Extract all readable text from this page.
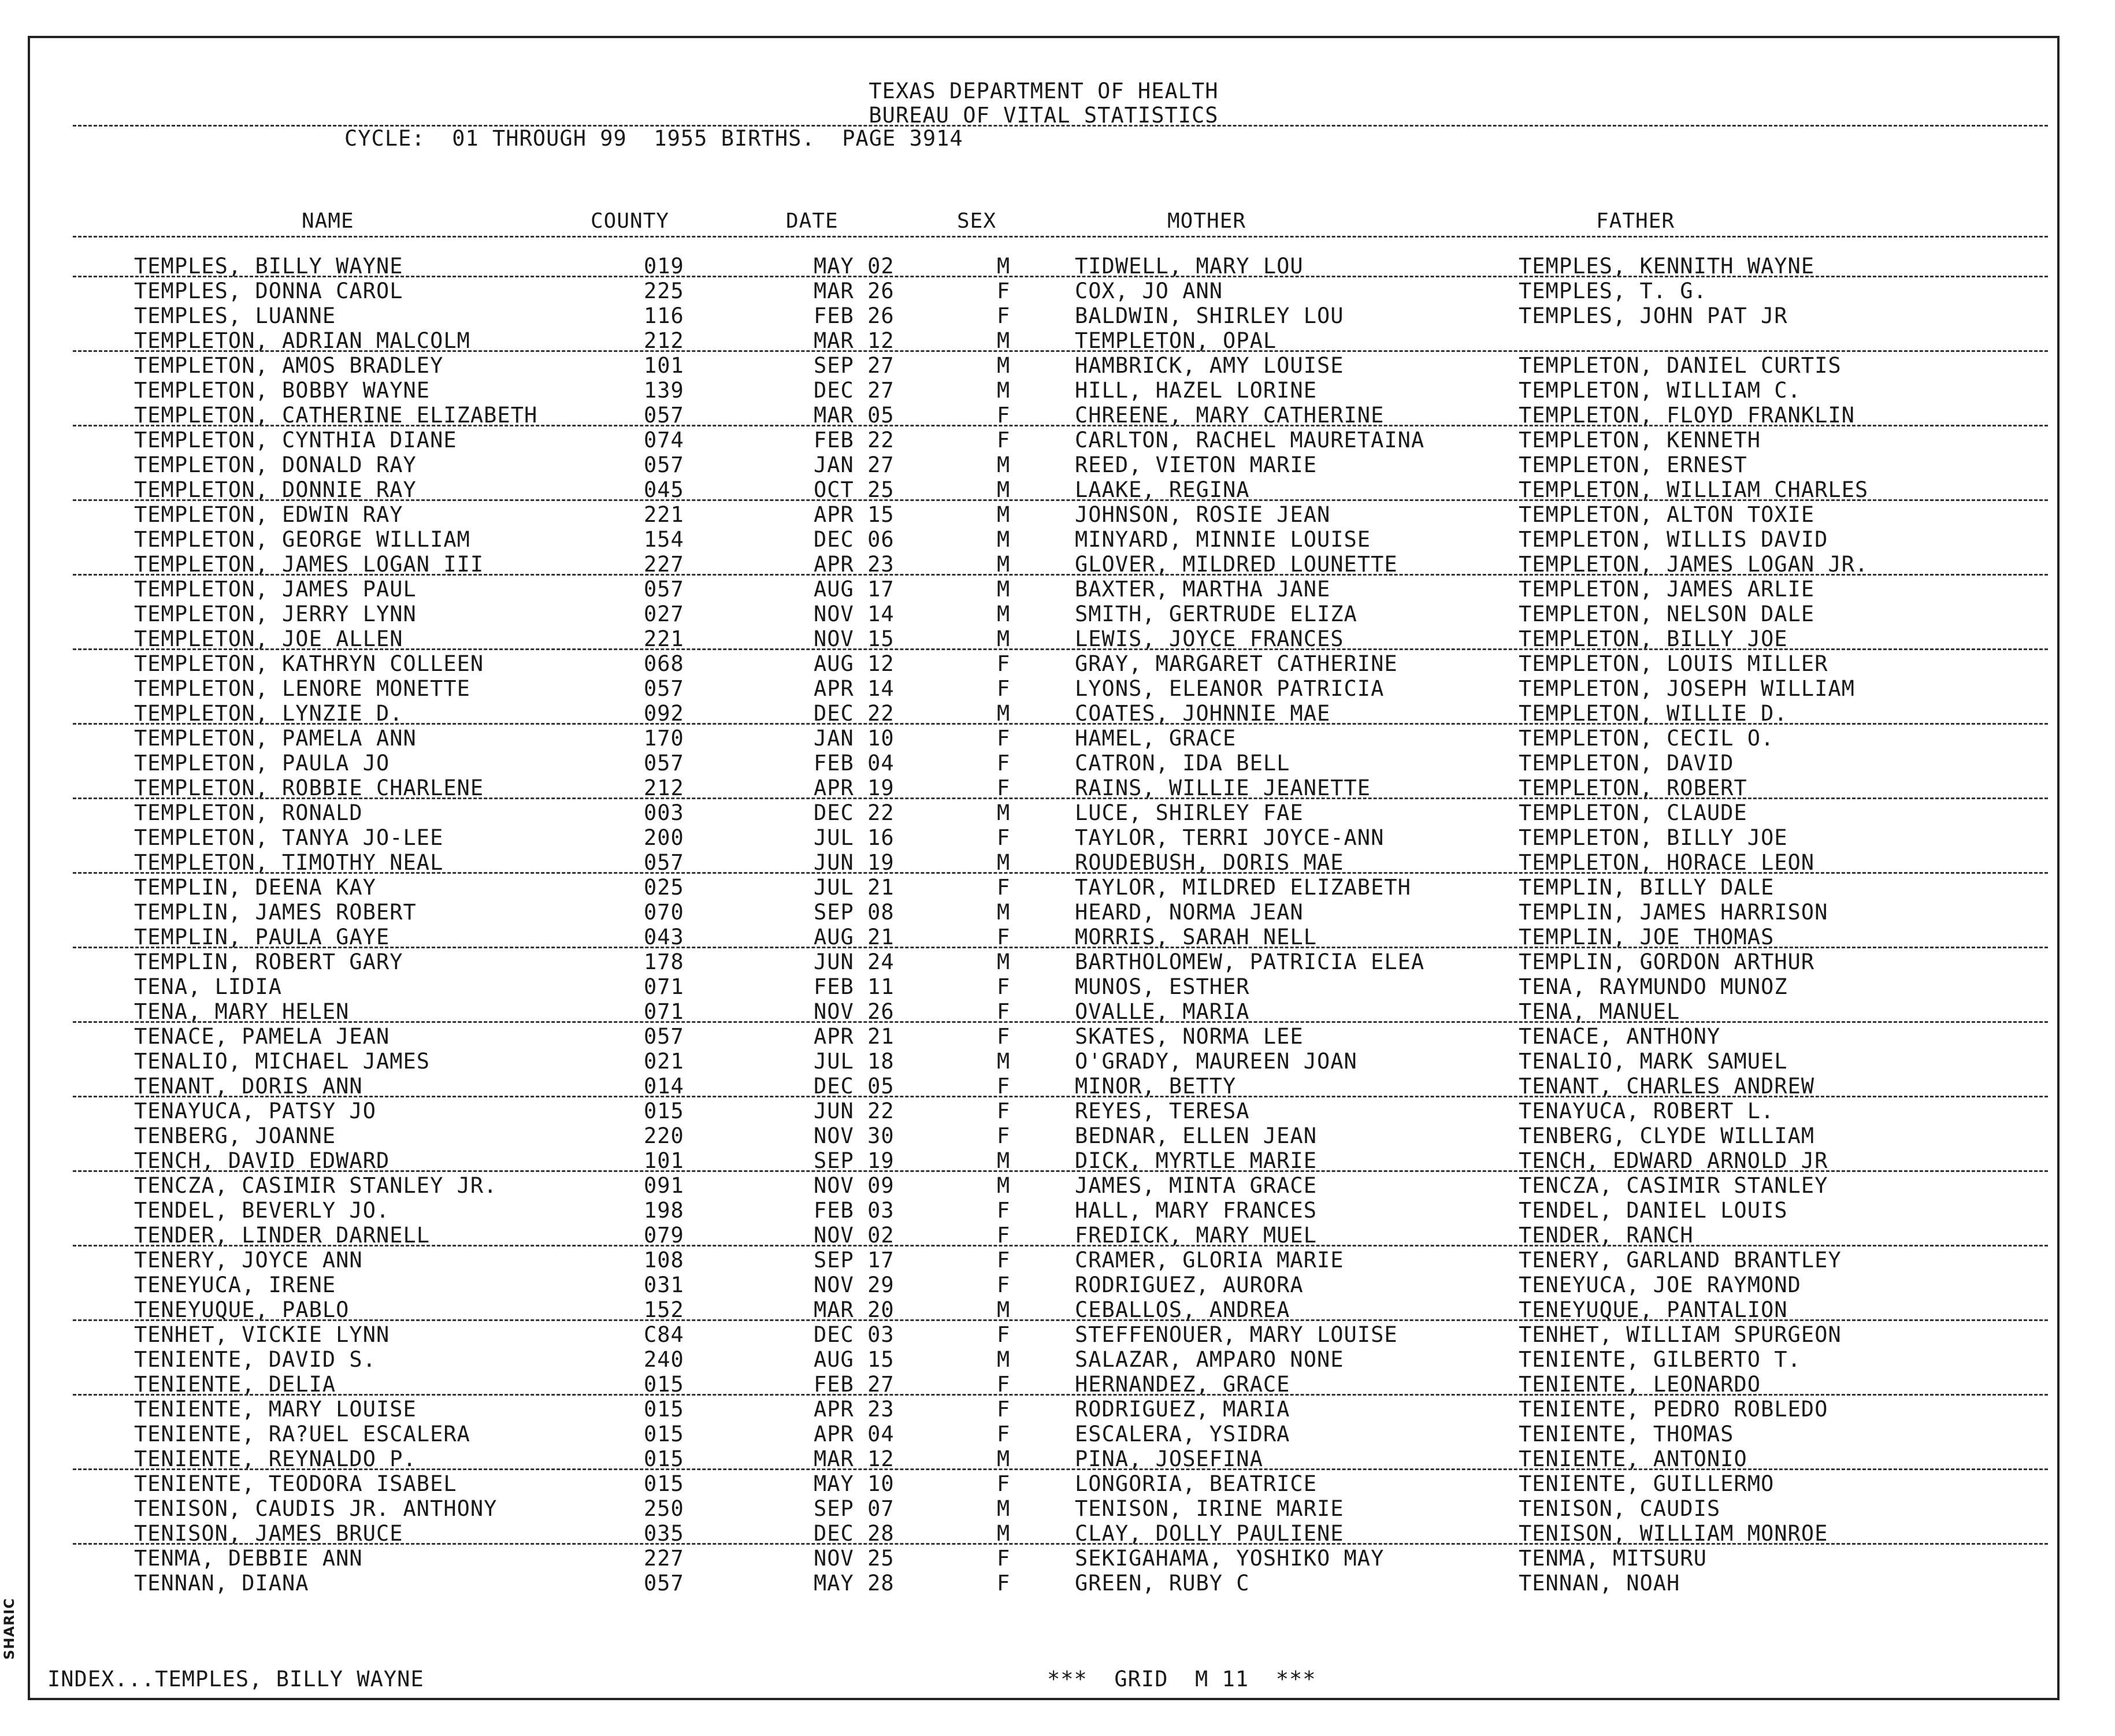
SHARIC
TEXAS DEPARTMENT OF HEALTH
BUREAU OF VITAL STATISTICS
CYCLE:  01 THROUGH 99  1955 BIRTHS.  PAGE 3914
NAME	COUNTY	DATE	SEX	MOTHER	FATHER
TEMPLES, BILLY WAYNE	019	MAY 02	M	TIDWELL, MARY LOU	TEMPLES, KENNITH WAYNE
TEMPLES, DONNA CAROL	225	MAR 26	F	COX, JO ANN	TEMPLES, T. G.
TEMPLES, LUANNE	116	FEB 26	F	BALDWIN, SHIRLEY LOU	TEMPLES, JOHN PAT JR
TEMPLETON, ADRIAN MALCOLM	212	MAR 12	M	TEMPLETON, OPAL
TEMPLETON, AMOS BRADLEY	101	SEP 27	M	HAMBRICK, AMY LOUISE	TEMPLETON, DANIEL CURTIS
TEMPLETON, BOBBY WAYNE	139	DEC 27	M	HILL, HAZEL LORINE	TEMPLETON, WILLIAM C.
TEMPLETON, CATHERINE ELIZABETH	057	MAR 05	F	CHREENE, MARY CATHERINE	TEMPLETON, FLOYD FRANKLIN
TEMPLETON, CYNTHIA DIANE	074	FEB 22	F	CARLTON, RACHEL MAURETAINA	TEMPLETON, KENNETH
TEMPLETON, DONALD RAY	057	JAN 27	M	REED, VIETON MARIE	TEMPLETON, ERNEST
TEMPLETON, DONNIE RAY	045	OCT 25	M	LAAKE, REGINA	TEMPLETON, WILLIAM CHARLES
TEMPLETON, EDWIN RAY	221	APR 15	M	JOHNSON, ROSIE JEAN	TEMPLETON, ALTON TOXIE
TEMPLETON, GEORGE WILLIAM	154	DEC 06	M	MINYARD, MINNIE LOUISE	TEMPLETON, WILLIS DAVID
TEMPLETON, JAMES LOGAN III	227	APR 23	M	GLOVER, MILDRED LOUNETTE	TEMPLETON, JAMES LOGAN JR.
TEMPLETON, JAMES PAUL	057	AUG 17	M	BAXTER, MARTHA JANE	TEMPLETON, JAMES ARLIE
TEMPLETON, JERRY LYNN	027	NOV 14	M	SMITH, GERTRUDE ELIZA	TEMPLETON, NELSON DALE
TEMPLETON, JOE ALLEN	221	NOV 15	M	LEWIS, JOYCE FRANCES	TEMPLETON, BILLY JOE
TEMPLETON, KATHRYN COLLEEN	068	AUG 12	F	GRAY, MARGARET CATHERINE	TEMPLETON, LOUIS MILLER
TEMPLETON, LENORE MONETTE	057	APR 14	F	LYONS, ELEANOR PATRICIA	TEMPLETON, JOSEPH WILLIAM
TEMPLETON, LYNZIE D.	092	DEC 22	M	COATES, JOHNNIE MAE	TEMPLETON, WILLIE D.
TEMPLETON, PAMELA ANN	170	JAN 10	F	HAMEL, GRACE	TEMPLETON, CECIL O.
TEMPLETON, PAULA JO	057	FEB 04	F	CATRON, IDA BELL	TEMPLETON, DAVID
TEMPLETON, ROBBIE CHARLENE	212	APR 19	F	RAINS, WILLIE JEANETTE	TEMPLETON, ROBERT
TEMPLETON, RONALD	003	DEC 22	M	LUCE, SHIRLEY FAE	TEMPLETON, CLAUDE
TEMPLETON, TANYA JO-LEE	200	JUL 16	F	TAYLOR, TERRI JOYCE-ANN	TEMPLETON, BILLY JOE
TEMPLETON, TIMOTHY NEAL	057	JUN 19	M	ROUDEBUSH, DORIS MAE	TEMPLETON, HORACE LEON
TEMPLIN, DEENA KAY	025	JUL 21	F	TAYLOR, MILDRED ELIZABETH	TEMPLIN, BILLY DALE
TEMPLIN, JAMES ROBERT	070	SEP 08	M	HEARD, NORMA JEAN	TEMPLIN, JAMES HARRISON
TEMPLIN, PAULA GAYE	043	AUG 21	F	MORRIS, SARAH NELL	TEMPLIN, JOE THOMAS
TEMPLIN, ROBERT GARY	178	JUN 24	M	BARTHOLOMEW, PATRICIA ELEA	TEMPLIN, GORDON ARTHUR
TENA, LIDIA	071	FEB 11	F	MUNOS, ESTHER	TENA, RAYMUNDO MUNOZ
TENA, MARY HELEN	071	NOV 26	F	OVALLE, MARIA	TENA, MANUEL
TENACE, PAMELA JEAN	057	APR 21	F	SKATES, NORMA LEE	TENACE, ANTHONY
TENALIO, MICHAEL JAMES	021	JUL 18	M	O'GRADY, MAUREEN JOAN	TENALIO, MARK SAMUEL
TENANT, DORIS ANN	014	DEC 05	F	MINOR, BETTY	TENANT, CHARLES ANDREW
TENAYUCA, PATSY JO	015	JUN 22	F	REYES, TERESA	TENAYUCA, ROBERT L.
TENBERG, JOANNE	220	NOV 30	F	BEDNAR, ELLEN JEAN	TENBERG, CLYDE WILLIAM
TENCH, DAVID EDWARD	101	SEP 19	M	DICK, MYRTLE MARIE	TENCH, EDWARD ARNOLD JR
TENCZA, CASIMIR STANLEY JR.	091	NOV 09	M	JAMES, MINTA GRACE	TENCZA, CASIMIR STANLEY
TENDEL, BEVERLY JO.	198	FEB 03	F	HALL, MARY FRANCES	TENDEL, DANIEL LOUIS
TENDER, LINDER DARNELL	079	NOV 02	F	FREDICK, MARY MUEL	TENDER, RANCH
TENERY, JOYCE ANN	108	SEP 17	F	CRAMER, GLORIA MARIE	TENERY, GARLAND BRANTLEY
TENEYUCA, IRENE	031	NOV 29	F	RODRIGUEZ, AURORA	TENEYUCA, JOE RAYMOND
TENEYUQUE, PABLO	152	MAR 20	M	CEBALLOS, ANDREA	TENEYUQUE, PANTALION
TENHET, VICKIE LYNN	C84	DEC 03	F	STEFFENOUER, MARY LOUISE	TENHET, WILLIAM SPURGEON
TENIENTE, DAVID S.	240	AUG 15	M	SALAZAR, AMPARO NONE	TENIENTE, GILBERTO T.
TENIENTE, DELIA	015	FEB 27	F	HERNANDEZ, GRACE	TENIENTE, LEONARDO
TENIENTE, MARY LOUISE	015	APR 23	F	RODRIGUEZ, MARIA	TENIENTE, PEDRO ROBLEDO
TENIENTE, RA?UEL ESCALERA	015	APR 04	F	ESCALERA, YSIDRA	TENIENTE, THOMAS
TENIENTE, REYNALDO P.	015	MAR 12	M	PINA, JOSEFINA	TENIENTE, ANTONIO
TENIENTE, TEODORA ISABEL	015	MAY 10	F	LONGORIA, BEATRICE	TENIENTE, GUILLERMO
TENISON, CAUDIS JR. ANTHONY	250	SEP 07	M	TENISON, IRINE MARIE	TENISON, CAUDIS
TENISON, JAMES BRUCE	035	DEC 28	M	CLAY, DOLLY PAULIENE	TENISON, WILLIAM MONROE
TENMA, DEBBIE ANN	227	NOV 25	F	SEKIGAHAMA, YOSHIKO MAY	TENMA, MITSURU
TENNAN, DIANA	057	MAY 28	F	GREEN, RUBY C	TENNAN, NOAH
INDEX...TEMPLES, BILLY WAYNE	***  GRID  M 11  ***
